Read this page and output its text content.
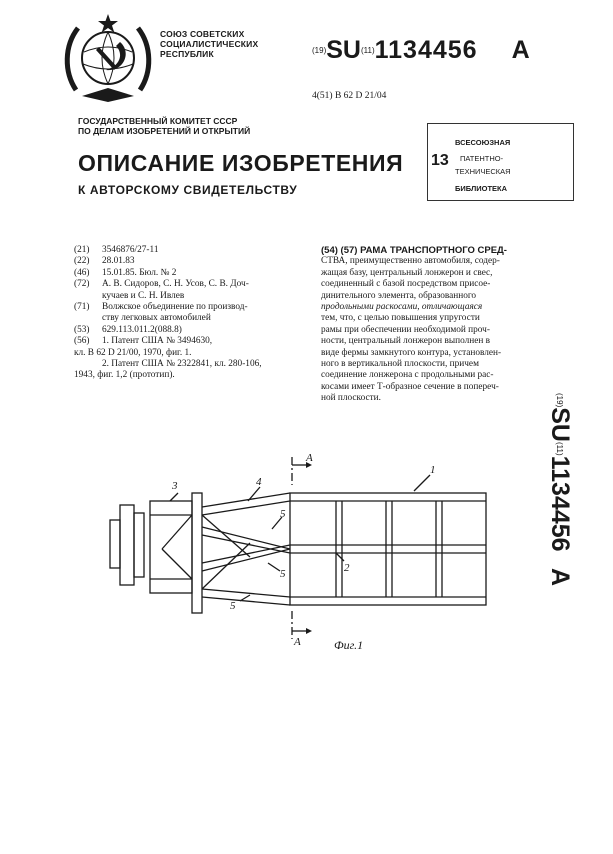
СОЮЗ СОВЕТСКИХ
СОЦИАЛИСТИЧЕСКИХ
РЕСПУБЛИК	(19)SU(11)1134456 A
4(51) B 62 D 21/04
ГОСУДАРСТВЕННЫЙ КОМИТЕТ СССР
ПО ДЕЛАМ ИЗОБРЕТЕНИЙ И ОТКРЫТИЙ
ОПИСАНИЕ ИЗОБРЕТЕНИЯ
К АВТОРСКОМУ СВИДЕТЕЛЬСТВУ
13
ВСЕСОЮЗНАЯ
ПАТЕНТНО-
ТЕХНИЧЕСКАЯ
БИБЛИОТЕКА
(21)	3546876/27-11
(22)	28.01.83
(46)	15.01.85. Бюл. № 2
(72)	А. В. Сидоров, С. Н. Усов, С. В. Доч-
кучаев и С. Н. Ивлев
(71)	Волжское объединение по производ-
ству легковых автомобилей
(53)	629.113.011.2(088.8)
(56)	1. Патент США № 3494630,
кл. В 62 D 21/00, 1970, фиг. 1.
2. Патент США № 2322841, кл. 280-106,
1943, фиг. 1,2 (прототип).
(54) (57) РАМА ТРАНСПОРТНОГО СРЕД-
СТВА, преимущественно автомобиля, содер-
жащая базу, центральный лонжерон и свес,
соединенный с базой посредством присое-
динительного элемента, образованного
продольными раскосами, отличающаяся
тем, что, с целью повышения упругости
рамы при обеспечении необходимой проч-
ности, центральный лонжерон выполнен в
виде фермы замкнутого контура, установлен-
ного в вертикальной плоскости, причем
соединение лонжерона с продольными рас-
косами имеет Т-образное сечение в попереч-
ной плоскости.	(19)SU(11)1134456A
A
A
1
2
3	4
5
5
5
Фиг.1
